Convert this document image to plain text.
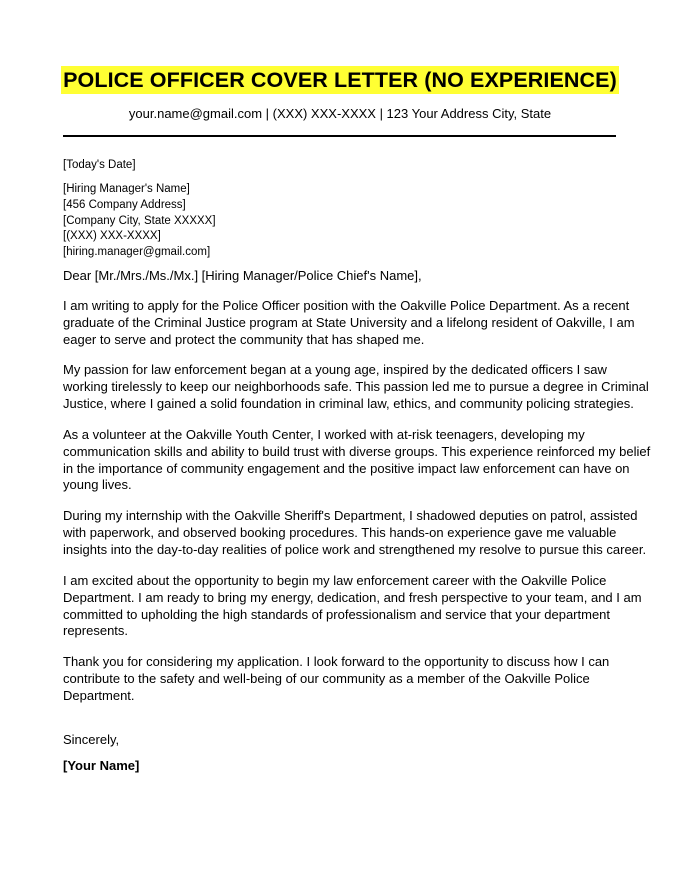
POLICE OFFICER COVER LETTER (NO EXPERIENCE)
your.name@gmail.com | (XXX) XXX-XXXX | 123 Your Address City, State
[Today's Date]
[Hiring Manager's Name]
[456 Company Address]
[Company City, State XXXXX]
[(XXX) XXX-XXXX]
[hiring.manager@gmail.com]
Dear [Mr./Mrs./Ms./Mx.] [Hiring Manager/Police Chief's Name],
I am writing to apply for the Police Officer position with the Oakville Police Department. As a recent
graduate of the Criminal Justice program at State University and a lifelong resident of Oakville, I am
eager to serve and protect the community that has shaped me.
My passion for law enforcement began at a young age, inspired by the dedicated officers I saw
working tirelessly to keep our neighborhoods safe. This passion led me to pursue a degree in Criminal
Justice, where I gained a solid foundation in criminal law, ethics, and community policing strategies.
As a volunteer at the Oakville Youth Center, I worked with at-risk teenagers, developing my
communication skills and ability to build trust with diverse groups. This experience reinforced my belief
in the importance of community engagement and the positive impact law enforcement can have on
young lives.
During my internship with the Oakville Sheriff's Department, I shadowed deputies on patrol, assisted
with paperwork, and observed booking procedures. This hands-on experience gave me valuable
insights into the day-to-day realities of police work and strengthened my resolve to pursue this career.
I am excited about the opportunity to begin my law enforcement career with the Oakville Police
Department. I am ready to bring my energy, dedication, and fresh perspective to your team, and I am
committed to upholding the high standards of professionalism and service that your department
represents.
Thank you for considering my application. I look forward to the opportunity to discuss how I can
contribute to the safety and well-being of our community as a member of the Oakville Police
Department.
Sincerely,
[Your Name]
